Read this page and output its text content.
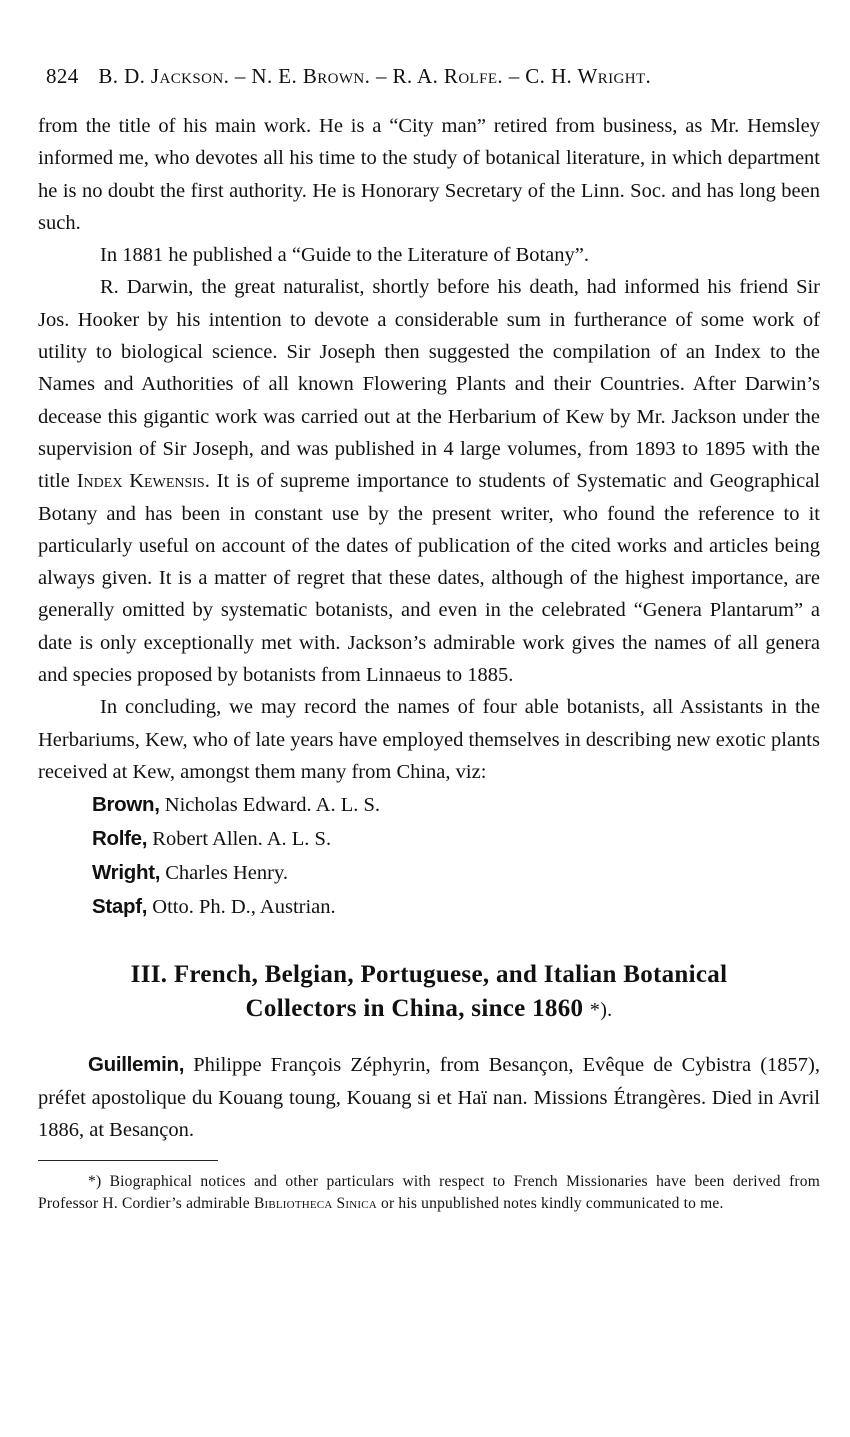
824 B. D. Jackson. – N. E. Brown. – R. A. Rolfe. – C. H. Wright.

from the title of his main work. He is a “City man” retired from business, as Mr. Hemsley informed me, who devotes all his time to the study of botanical literature, in which department he is no doubt the first authority. He is Honorary Secretary of the Linn. Soc. and has long been such.

In 1881 he published a “Guide to the Literature of Botany”.

R. Darwin, the great naturalist, shortly before his death, had informed his friend Sir Jos. Hooker by his intention to devote a considerable sum in furtherance of some work of utility to biological science. Sir Joseph then suggested the compilation of an Index to the Names and Authorities of all known Flowering Plants and their Countries. After Darwin’s decease this gigantic work was carried out at the Herbarium of Kew by Mr. Jackson under the supervision of Sir Joseph, and was published in 4 large volumes, from 1893 to 1895 with the title Index Kewensis. It is of supreme importance to students of Systematic and Geographical Botany and has been in constant use by the present writer, who found the reference to it particularly useful on account of the dates of publication of the cited works and articles being always given. It is a matter of regret that these dates, although of the highest importance, are generally omitted by systematic botanists, and even in the celebrated “Genera Plantarum” a date is only exceptionally met with. Jackson’s admirable work gives the names of all genera and species proposed by botanists from Linnaeus to 1885.

In concluding, we may record the names of four able botanists, all Assistants in the Herbariums, Kew, who of late years have employed themselves in describing new exotic plants received at Kew, amongst them many from China, viz:

Brown, Nicholas Edward. A. L. S.
Rolfe, Robert Allen. A. L. S.
Wright, Charles Henry.
Stapf, Otto. Ph. D., Austrian.
III. French, Belgian, Portuguese, and Italian Botanical
Collectors in China, since 1860 *).
Guillemin, Philippe François Zéphyrin, from Besançon, Evêque de Cybistra (1857), préfet apostolique du Kouang toung, Kouang si et Haï nan. Missions Étrangères. Died in Avril 1886, at Besançon.
*) Biographical notices and other particulars with respect to French Missionaries have been derived from Professor H. Cordier’s admirable Bibliotheca Sinica or his unpublished notes kindly communicated to me.
